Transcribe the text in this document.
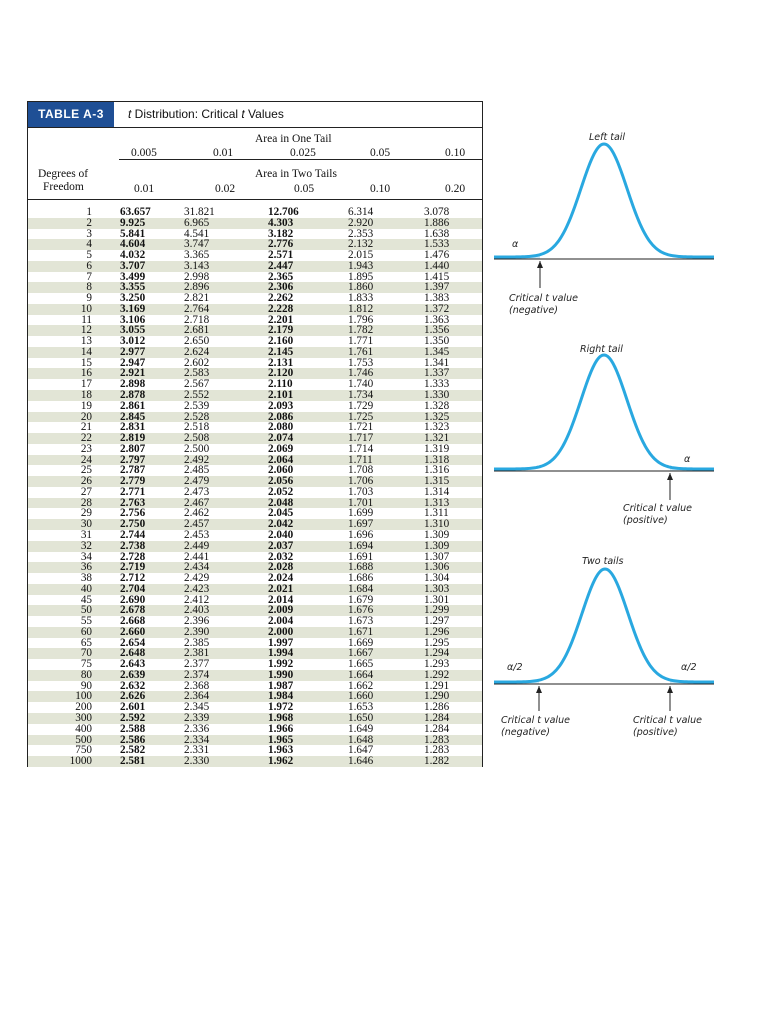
TABLE A-3	t Distribution: Critical t Values
Area in One Tail
0.005	0.01	0.025	0.05	0.10
Degrees of
Freedom
Area in Two Tails
0.01	0.02	0.05	0.10	0.20
1	63.657	31.821	12.706	6.314	3.078
2	9.925	6.965	4.303	2.920	1.886
3	5.841	4.541	3.182	2.353	1.638
4	4.604	3.747	2.776	2.132	1.533
5	4.032	3.365	2.571	2.015	1.476
6	3.707	3.143	2.447	1.943	1.440
7	3.499	2.998	2.365	1.895	1.415
8	3.355	2.896	2.306	1.860	1.397
9	3.250	2.821	2.262	1.833	1.383
10	3.169	2.764	2.228	1.812	1.372
11	3.106	2.718	2.201	1.796	1.363
12	3.055	2.681	2.179	1.782	1.356
13	3.012	2.650	2.160	1.771	1.350
14	2.977	2.624	2.145	1.761	1.345
15	2.947	2.602	2.131	1.753	1.341
16	2.921	2.583	2.120	1.746	1.337
17	2.898	2.567	2.110	1.740	1.333
18	2.878	2.552	2.101	1.734	1.330
19	2.861	2.539	2.093	1.729	1.328
20	2.845	2.528	2.086	1.725	1.325
21	2.831	2.518	2.080	1.721	1.323
22	2.819	2.508	2.074	1.717	1.321
23	2.807	2.500	2.069	1.714	1.319
24	2.797	2.492	2.064	1.711	1.318
25	2.787	2.485	2.060	1.708	1.316
26	2.779	2.479	2.056	1.706	1.315
27	2.771	2.473	2.052	1.703	1.314
28	2.763	2.467	2.048	1.701	1.313
29	2.756	2.462	2.045	1.699	1.311
30	2.750	2.457	2.042	1.697	1.310
31	2.744	2.453	2.040	1.696	1.309
32	2.738	2.449	2.037	1.694	1.309
34	2.728	2.441	2.032	1.691	1.307
36	2.719	2.434	2.028	1.688	1.306
38	2.712	2.429	2.024	1.686	1.304
40	2.704	2.423	2.021	1.684	1.303
45	2.690	2.412	2.014	1.679	1.301
50	2.678	2.403	2.009	1.676	1.299
55	2.668	2.396	2.004	1.673	1.297
60	2.660	2.390	2.000	1.671	1.296
65	2.654	2.385	1.997	1.669	1.295
70	2.648	2.381	1.994	1.667	1.294
75	2.643	2.377	1.992	1.665	1.293
80	2.639	2.374	1.990	1.664	1.292
90	2.632	2.368	1.987	1.662	1.291
100	2.626	2.364	1.984	1.660	1.290
200	2.601	2.345	1.972	1.653	1.286
300	2.592	2.339	1.968	1.650	1.284
400	2.588	2.336	1.966	1.649	1.284
500	2.586	2.334	1.965	1.648	1.283
750	2.582	2.331	1.963	1.647	1.283
1000	2.581	2.330	1.962	1.646	1.282
Left tail
α
Critical t value
(negative)
Right tail
α
Critical t value
(positive)
Two tails
α/2	α/2
Critical t value
(negative)
Critical t value
(positive)
